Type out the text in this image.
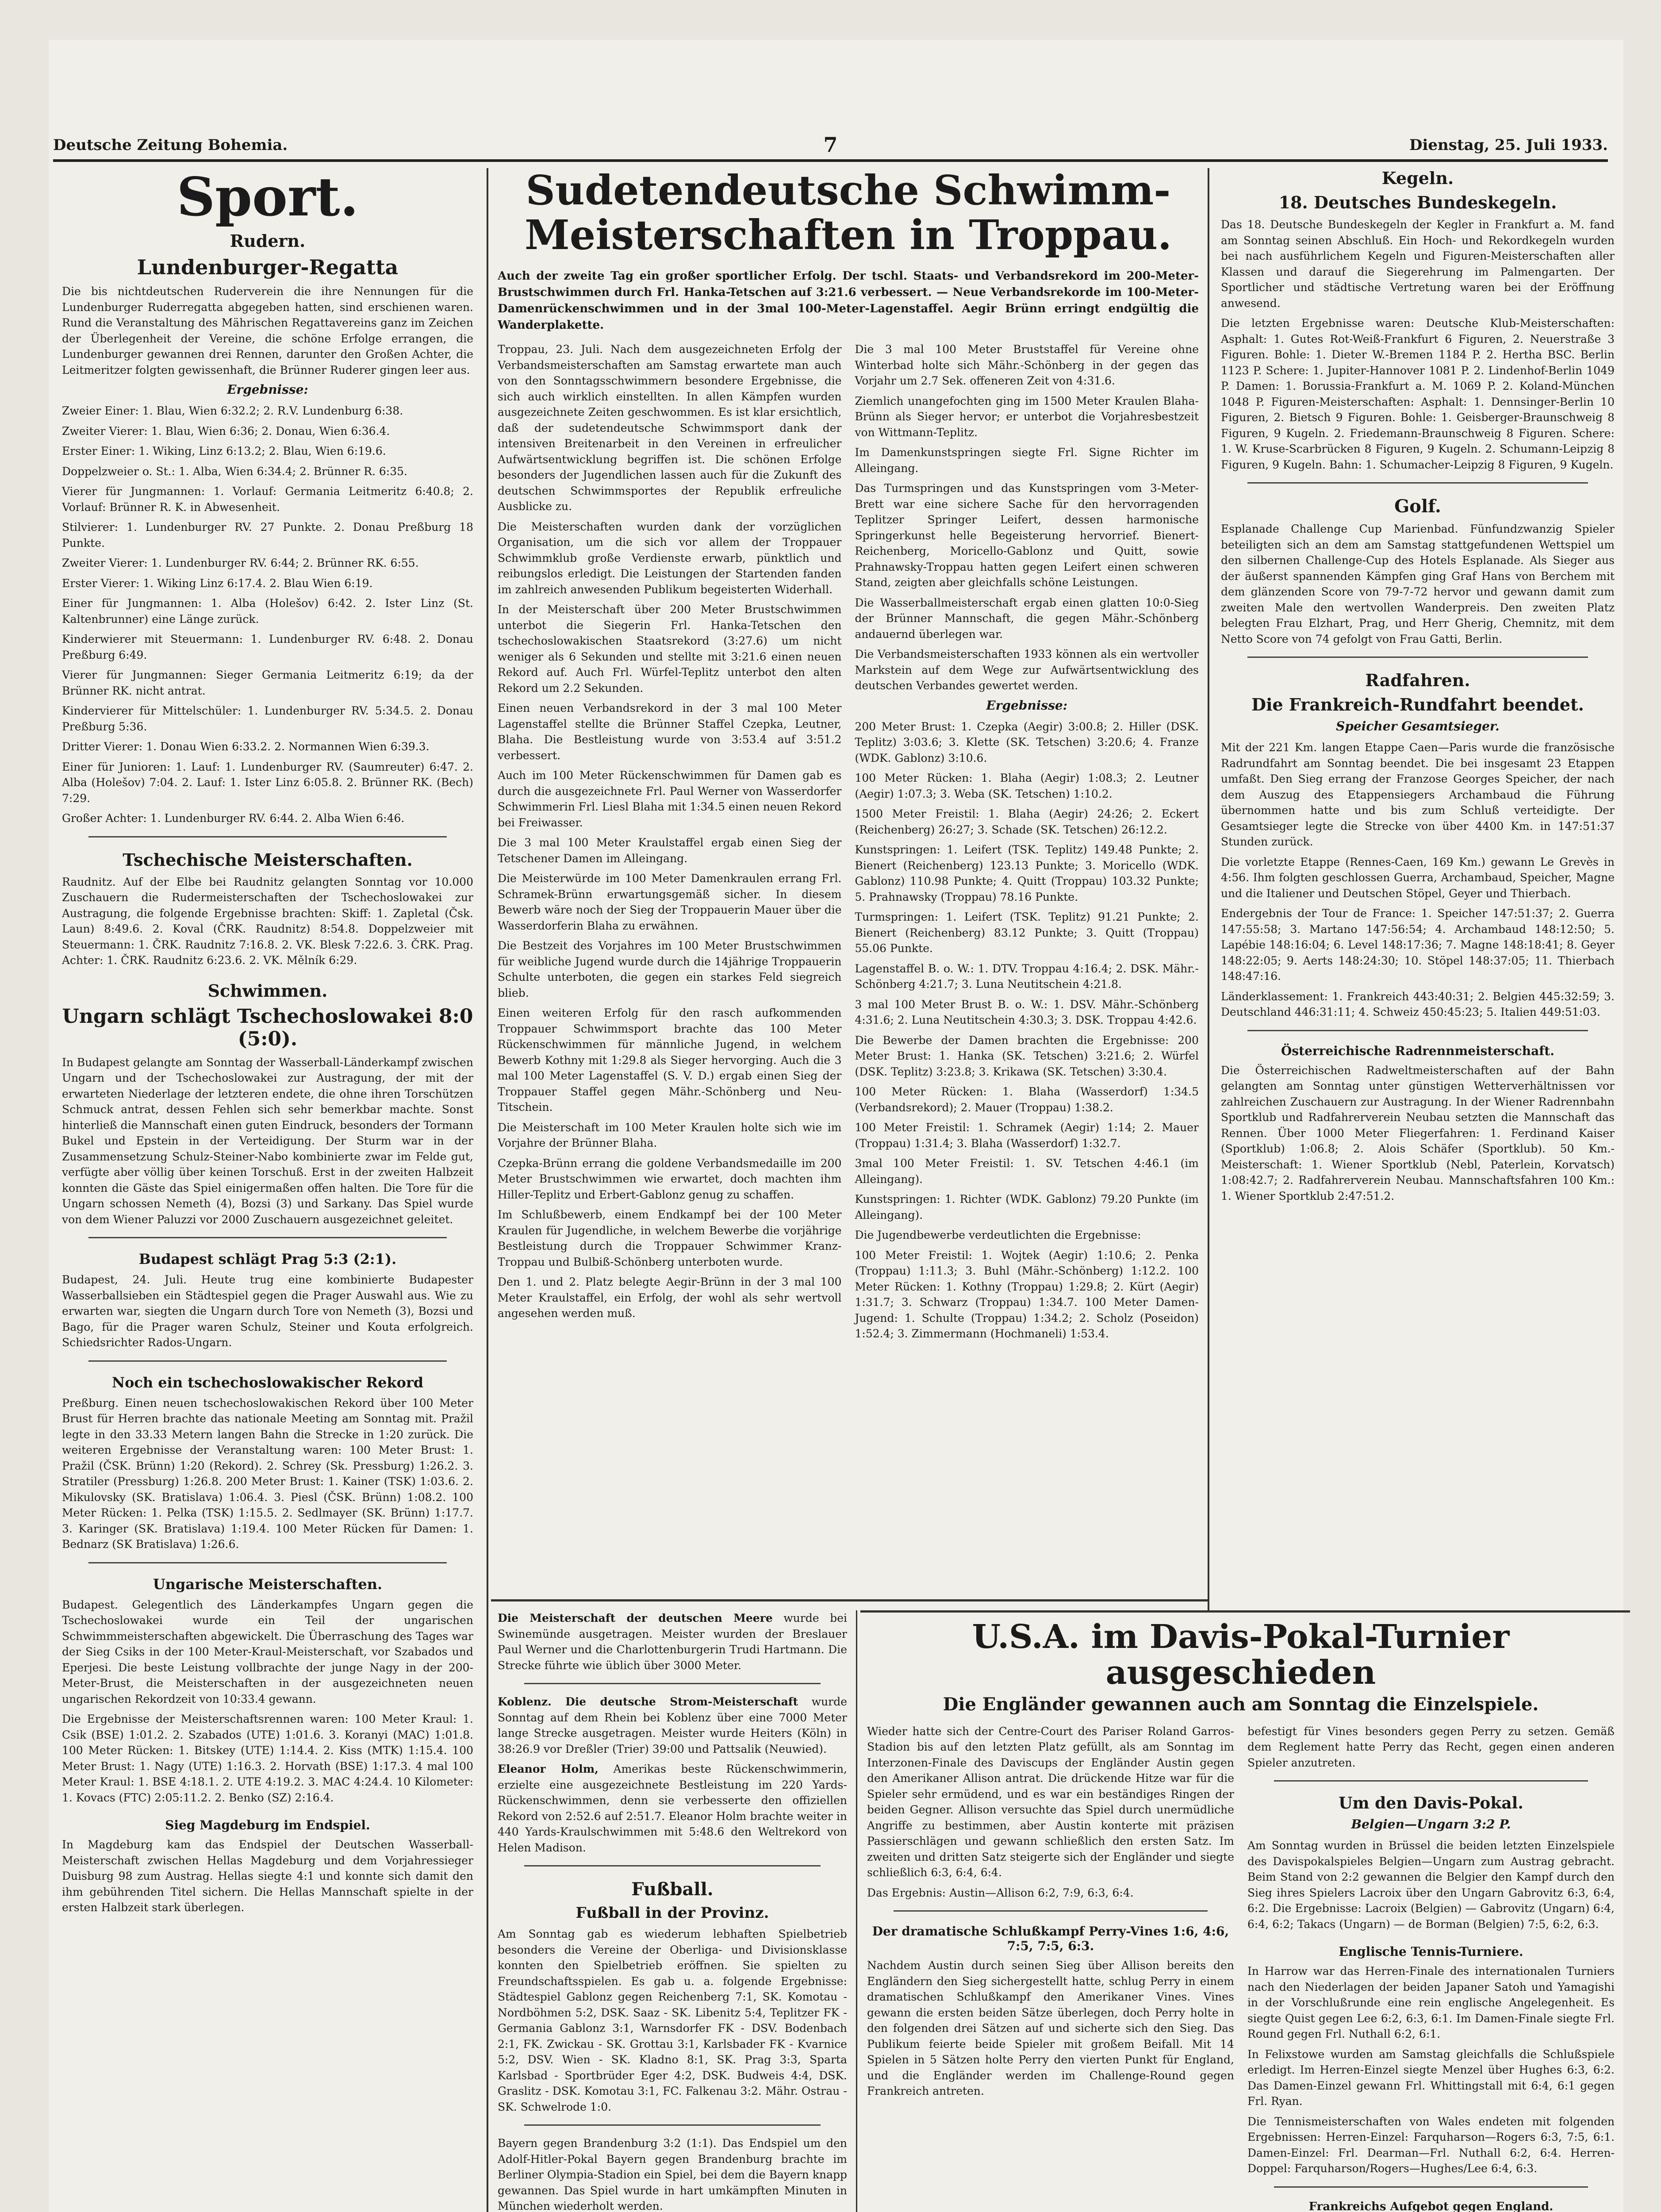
Deutsche Zeitung Bohemia.	7	Dienstag, 25. Juli 1933.
Sport.
Rudern.
Lundenburger-Regatta

Die bis nichtdeutschen Ruderverein die ihre Nennungen für die Lundenburger Ruderregatta abgegeben hatten, sind erschienen waren. Rund die Veranstaltung des Mährischen Regattavereins ganz im Zeichen der Überlegenheit der Vereine, die schöne Erfolge errangen, die Lundenburger gewannen drei Rennen, darunter den Großen Achter, die Leitmeritzer folgten gewissenhaft, die Brünner Ruderer gingen leer aus.

Ergebnisse:

Zweier Einer: 1. Blau, Wien 6:32.2; 2. R.V. Lundenburg 6:38.

Zweiter Vierer: 1. Blau, Wien 6:36; 2. Donau, Wien 6:36.4.

Erster Einer: 1. Wiking, Linz 6:13.2; 2. Blau, Wien 6:19.6.

Doppelzweier o. St.: 1. Alba, Wien 6:34.4; 2. Brünner R. 6:35.

Vierer für Jungmannen: 1. Vorlauf: Germania Leitmeritz 6:40.8; 2. Vorlauf: Brünner R. K. in Abwesenheit.

Stilvierer: 1. Lundenburger RV. 27 Punkte. 2. Donau Preßburg 18 Punkte.

Zweiter Vierer: 1. Lundenburger RV. 6:44; 2. Brünner RK. 6:55.

Erster Vierer: 1. Wiking Linz 6:17.4. 2. Blau Wien 6:19.

Einer für Jungmannen: 1. Alba (Holešov) 6:42. 2. Ister Linz (St. Kaltenbrunner) eine Länge zurück.

Kinderwierer mit Steuermann: 1. Lundenburger RV. 6:48. 2. Donau Preßburg 6:49.

Vierer für Jungmannen: Sieger Germania Leitmeritz 6:19; da der Brünner RK. nicht antrat.

Kindervierer für Mittelschüler: 1. Lundenburger RV. 5:34.5. 2. Donau Preßburg 5:36.

Dritter Vierer: 1. Donau Wien 6:33.2. 2. Normannen Wien 6:39.3.

Einer für Junioren: 1. Lauf: 1. Lundenburger RV. (Saumreuter) 6:47. 2. Alba (Holešov) 7:04. 2. Lauf: 1. Ister Linz 6:05.8. 2. Brünner RK. (Bech) 7:29.

Großer Achter: 1. Lundenburger RV. 6:44. 2. Alba Wien 6:46.

Tschechische Meisterschaften.

Raudnitz. Auf der Elbe bei Raudnitz gelangten Sonntag vor 10.000 Zuschauern die Rudermeisterschaften der Tschechoslowakei zur Austragung, die folgende Ergebnisse brachten: Skiff: 1. Zapletal (Čsk. Laun) 8:49.6. 2. Koval (ČRK. Raudnitz) 8:54.8. Doppelzweier mit Steuermann: 1. ČRK. Raudnitz 7:16.8. 2. VK. Blesk 7:22.6. 3. ČRK. Prag. Achter: 1. ČRK. Raudnitz 6:23.6. 2. VK. Mělník 6:29.

Schwimmen.
Ungarn schlägt Tschechoslowakei 8:0 (5:0).

In Budapest gelangte am Sonntag der Wasserball-Länderkampf zwischen Ungarn und der Tschechoslowakei zur Austragung, der mit der erwarteten Niederlage der letzteren endete, die ohne ihren Torschützen Schmuck antrat, dessen Fehlen sich sehr bemerkbar machte. Sonst hinterließ die Mannschaft einen guten Eindruck, besonders der Tormann Bukel und Epstein in der Verteidigung. Der Sturm war in der Zusammensetzung Schulz-Steiner-Nabo kombinierte zwar im Felde gut, verfügte aber völlig über keinen Torschuß. Erst in der zweiten Halbzeit konnten die Gäste das Spiel einigermaßen offen halten. Die Tore für die Ungarn schossen Nemeth (4), Bozsi (3) und Sarkany. Das Spiel wurde von dem Wiener Paluzzi vor 2000 Zuschauern ausgezeichnet geleitet.

Budapest schlägt Prag 5:3 (2:1).

Budapest, 24. Juli. Heute trug eine kombinierte Budapester Wasserballsieben ein Städtespiel gegen die Prager Auswahl aus. Wie zu erwarten war, siegten die Ungarn durch Tore von Nemeth (3), Bozsi und Bago, für die Prager waren Schulz, Steiner und Kouta erfolgreich. Schiedsrichter Rados-Ungarn.

Noch ein tschechoslowakischer Rekord

Preßburg. Einen neuen tschechoslowakischen Rekord über 100 Meter Brust für Herren brachte das nationale Meeting am Sonntag mit. Pražil legte in den 33.33 Metern langen Bahn die Strecke in 1:20 zurück. Die weiteren Ergebnisse der Veranstaltung waren: 100 Meter Brust: 1. Pražil (ČSK. Brünn) 1:20 (Rekord). 2. Schrey (Sk. Pressburg) 1:26.2. 3. Stratiler (Pressburg) 1:26.8. 200 Meter Brust: 1. Kainer (TSK) 1:03.6. 2. Mikulovsky (SK. Bratislava) 1:06.4. 3. Piesl (ČSK. Brünn) 1:08.2. 100 Meter Rücken: 1. Pelka (TSK) 1:15.5. 2. Sedlmayer (SK. Brünn) 1:17.7. 3. Karinger (SK. Bratislava) 1:19.4. 100 Meter Rücken für Damen: 1. Bednarz (SK Bratislava) 1:26.6.

Ungarische Meisterschaften.

Budapest. Gelegentlich des Länderkampfes Ungarn gegen die Tschechoslowakei wurde ein Teil der ungarischen Schwimmmeisterschaften abgewickelt. Die Überraschung des Tages war der Sieg Csiks in der 100 Meter-Kraul-Meisterschaft, vor Szabados und Eperjesi. Die beste Leistung vollbrachte der junge Nagy in der 200-Meter-Brust, die Meisterschaften in der ausgezeichneten neuen ungarischen Rekordzeit von 10:33.4 gewann.

Die Ergebnisse der Meisterschaftsrennen waren: 100 Meter Kraul: 1. Csik (BSE) 1:01.2. 2. Szabados (UTE) 1:01.6. 3. Koranyi (MAC) 1:01.8. 100 Meter Rücken: 1. Bitskey (UTE) 1:14.4. 2. Kiss (MTK) 1:15.4. 100 Meter Brust: 1. Nagy (UTE) 1:16.3. 2. Horvath (BSE) 1:17.3. 4 mal 100 Meter Kraul: 1. BSE 4:18.1. 2. UTE 4:19.2. 3. MAC 4:24.4. 10 Kilometer: 1. Kovacs (FTC) 2:05:11.2. 2. Benko (SZ) 2:16.4.

Sieg Magdeburg im Endspiel.

In Magdeburg kam das Endspiel der Deutschen Wasserball-Meisterschaft zwischen Hellas Magdeburg und dem Vorjahressieger Duisburg 98 zum Austrag. Hellas siegte 4:1 und konnte sich damit den ihm gebührenden Titel sichern. Die Hellas Mannschaft spielte in der ersten Halbzeit stark überlegen.

Sudetendeutsche Schwimm-
Meisterschaften in Troppau.
Auch der zweite Tag ein großer sportlicher Erfolg. Der tschl. Staats- und Verbandsrekord im 200-Meter-Brustschwimmen durch Frl. Hanka-Tetschen auf 3:21.6 verbessert. — Neue Verbandsrekorde im 100-Meter-Damenrückenschwimmen und in der 3mal 100-Meter-Lagenstaffel. Aegir Brünn erringt endgültig die Wanderplakette.

Troppau, 23. Juli. Nach dem ausgezeichneten Erfolg der Verbandsmeisterschaften am Samstag erwartete man auch von den Sonntagsschwimmern besondere Ergebnisse, die sich auch wirklich einstellten. In allen Kämpfen wurden ausgezeichnete Zeiten geschwommen. Es ist klar ersichtlich, daß der sudetendeutsche Schwimmsport dank der intensiven Breitenarbeit in den Vereinen in erfreulicher Aufwärtsentwicklung begriffen ist. Die schönen Erfolge besonders der Jugendlichen lassen auch für die Zukunft des deutschen Schwimmsportes der Republik erfreuliche Ausblicke zu.

Die Meisterschaften wurden dank der vorzüglichen Organisation, um die sich vor allem der Troppauer Schwimmklub große Verdienste erwarb, pünktlich und reibungslos erledigt. Die Leistungen der Startenden fanden im zahlreich anwesenden Publikum begeisterten Widerhall.

In der Meisterschaft über 200 Meter Brustschwimmen unterbot die Siegerin Frl. Hanka-Tetschen den tschechoslowakischen Staatsrekord (3:27.6) um nicht weniger als 6 Sekunden und stellte mit 3:21.6 einen neuen Rekord auf. Auch Frl. Würfel-Teplitz unterbot den alten Rekord um 2.2 Sekunden.

Einen neuen Verbandsrekord in der 3 mal 100 Meter Lagenstaffel stellte die Brünner Staffel Czepka, Leutner, Blaha. Die Bestleistung wurde von 3:53.4 auf 3:51.2 verbessert.

Auch im 100 Meter Rückenschwimmen für Damen gab es durch die ausgezeichnete Frl. Paul Werner von Wasserdorfer Schwimmerin Frl. Liesl Blaha mit 1:34.5 einen neuen Rekord bei Freiwasser.

Die 3 mal 100 Meter Kraulstaffel ergab einen Sieg der Tetschener Damen im Alleingang.

Die Meisterwürde im 100 Meter Damenkraulen errang Frl. Schramek-Brünn erwartungsgemäß sicher. In diesem Bewerb wäre noch der Sieg der Troppauerin Mauer über die Wasserdorferin Blaha zu erwähnen.

Die Bestzeit des Vorjahres im 100 Meter Brustschwimmen für weibliche Jugend wurde durch die 14jährige Troppauerin Schulte unterboten, die gegen ein starkes Feld siegreich blieb.

Einen weiteren Erfolg für den rasch aufkommenden Troppauer Schwimmsport brachte das 100 Meter Rückenschwimmen für männliche Jugend, in welchem Bewerb Kothny mit 1:29.8 als Sieger hervorging. Auch die 3 mal 100 Meter Lagenstaffel (S. V. D.) ergab einen Sieg der Troppauer Staffel gegen Mähr.-Schönberg und Neu-Titschein.

Die Meisterschaft im 100 Meter Kraulen holte sich wie im Vorjahre der Brünner Blaha.

Czepka-Brünn errang die goldene Verbandsmedaille im 200 Meter Brustschwimmen wie erwartet, doch machten ihm Hiller-Teplitz und Erbert-Gablonz genug zu schaffen.

Im Schlußbewerb, einem Endkampf bei der 100 Meter Kraulen für Jugendliche, in welchem Bewerbe die vorjährige Bestleistung durch die Troppauer Schwimmer Kranz-Troppau und Bulbiß-Schönberg unterboten wurde.

Den 1. und 2. Platz belegte Aegir-Brünn in der 3 mal 100 Meter Kraulstaffel, ein Erfolg, der wohl als sehr wertvoll angesehen werden muß.

Die 3 mal 100 Meter Bruststaffel für Vereine ohne Winterbad holte sich Mähr.-Schönberg in der gegen das Vorjahr um 2.7 Sek. offeneren Zeit von 4:31.6.

Ziemlich unangefochten ging im 1500 Meter Kraulen Blaha-Brünn als Sieger hervor; er unterbot die Vorjahresbestzeit von Wittmann-Teplitz.

Im Damenkunstspringen siegte Frl. Signe Richter im Alleingang.

Das Turmspringen und das Kunstspringen vom 3-Meter-Brett war eine sichere Sache für den hervorragenden Teplitzer Springer Leifert, dessen harmonische Springerkunst helle Begeisterung hervorrief. Bienert-Reichenberg, Moricello-Gablonz und Quitt, sowie Prahnawsky-Troppau hatten gegen Leifert einen schweren Stand, zeigten aber gleichfalls schöne Leistungen.

Die Wasserballmeisterschaft ergab einen glatten 10:0-Sieg der Brünner Mannschaft, die gegen Mähr.-Schönberg andauernd überlegen war.

Die Verbandsmeisterschaften 1933 können als ein wertvoller Markstein auf dem Wege zur Aufwärtsentwicklung des deutschen Verbandes gewertet werden.

Ergebnisse:

200 Meter Brust: 1. Czepka (Aegir) 3:00.8; 2. Hiller (DSK. Teplitz) 3:03.6; 3. Klette (SK. Tetschen) 3:20.6; 4. Franze (WDK. Gablonz) 3:10.6.

100 Meter Rücken: 1. Blaha (Aegir) 1:08.3; 2. Leutner (Aegir) 1:07.3; 3. Weba (SK. Tetschen) 1:10.2.

1500 Meter Freistil: 1. Blaha (Aegir) 24:26; 2. Eckert (Reichenberg) 26:27; 3. Schade (SK. Tetschen) 26:12.2.

Kunstspringen: 1. Leifert (TSK. Teplitz) 149.48 Punkte; 2. Bienert (Reichenberg) 123.13 Punkte; 3. Moricello (WDK. Gablonz) 110.98 Punkte; 4. Quitt (Troppau) 103.32 Punkte; 5. Prahnawsky (Troppau) 78.16 Punkte.

Turmspringen: 1. Leifert (TSK. Teplitz) 91.21 Punkte; 2. Bienert (Reichenberg) 83.12 Punkte; 3. Quitt (Troppau) 55.06 Punkte.

Lagenstaffel B. o. W.: 1. DTV. Troppau 4:16.4; 2. DSK. Mähr.-Schönberg 4:21.7; 3. Luna Neutitschein 4:21.8.

3 mal 100 Meter Brust B. o. W.: 1. DSV. Mähr.-Schönberg 4:31.6; 2. Luna Neutitschein 4:30.3; 3. DSK. Troppau 4:42.6.

Die Bewerbe der Damen brachten die Ergebnisse: 200 Meter Brust: 1. Hanka (SK. Tetschen) 3:21.6; 2. Würfel (DSK. Teplitz) 3:23.8; 3. Krikawa (SK. Tetschen) 3:30.4.

100 Meter Rücken: 1. Blaha (Wasserdorf) 1:34.5 (Verbandsrekord); 2. Mauer (Troppau) 1:38.2.

100 Meter Freistil: 1. Schramek (Aegir) 1:14; 2. Mauer (Troppau) 1:31.4; 3. Blaha (Wasserdorf) 1:32.7.

3mal 100 Meter Freistil: 1. SV. Tetschen 4:46.1 (im Alleingang).

Kunstspringen: 1. Richter (WDK. Gablonz) 79.20 Punkte (im Alleingang).

Die Jugendbewerbe verdeutlichten die Ergebnisse:

100 Meter Freistil: 1. Wojtek (Aegir) 1:10.6; 2. Penka (Troppau) 1:11.3; 3. Buhl (Mähr.-Schönberg) 1:12.2. 100 Meter Rücken: 1. Kothny (Troppau) 1:29.8; 2. Kürt (Aegir) 1:31.7; 3. Schwarz (Troppau) 1:34.7. 100 Meter Damen-Jugend: 1. Schulte (Troppau) 1:34.2; 2. Scholz (Poseidon) 1:52.4; 3. Zimmermann (Hochmaneli) 1:53.4.

Die Meisterschaft der deutschen Meere wurde bei Swinemünde ausgetragen. Meister wurden der Breslauer Paul Werner und die Charlottenburgerin Trudi Hartmann. Die Strecke führte wie üblich über 3000 Meter.

Koblenz. Die deutsche Strom-Meisterschaft wurde Sonntag auf dem Rhein bei Koblenz über eine 7000 Meter lange Strecke ausgetragen. Meister wurde Heiters (Köln) in 38:26.9 vor Dreßler (Trier) 39:00 und Pattsalik (Neuwied).

Eleanor Holm, Amerikas beste Rückenschwimmerin, erzielte eine ausgezeichnete Bestleistung im 220 Yards-Rückenschwimmen, denn sie verbesserte den offiziellen Rekord von 2:52.6 auf 2:51.7. Eleanor Holm brachte weiter in 440 Yards-Kraulschwimmen mit 5:48.6 den Weltrekord von Helen Madison.

Fußball.
Fußball in der Provinz.

Am Sonntag gab es wiederum lebhaften Spielbetrieb besonders die Vereine der Oberliga- und Divisionsklasse konnten den Spielbetrieb eröffnen. Sie spielten zu Freundschaftsspielen. Es gab u. a. folgende Ergebnisse: Städtespiel Gablonz gegen Reichenberg 7:1, SK. Komotau - Nordböhmen 5:2, DSK. Saaz - SK. Libenitz 5:4, Teplitzer FK - Germania Gablonz 3:1, Warnsdorfer FK - DSV. Bodenbach 2:1, FK. Zwickau - SK. Grottau 3:1, Karlsbader FK - Kvarnice 5:2, DSV. Wien - SK. Kladno 8:1, SK. Prag 3:3, Sparta Karlsbad - Sportbrüder Eger 4:2, DSK. Budweis 4:4, DSK. Graslitz - DSK. Komotau 3:1, FC. Falkenau 3:2. Mähr. Ostrau - SK. Schwelrode 1:0.

Bayern gegen Brandenburg 3:2 (1:1). Das Endspiel um den Adolf-Hitler-Pokal Bayern gegen Brandenburg brachte im Berliner Olympia-Stadion ein Spiel, bei dem die Bayern knapp gewannen. Das Spiel wurde in hart umkämpften Minuten in München wiederholt werden.

Kegeln.
18. Deutsches Bundeskegeln.

Das 18. Deutsche Bundeskegeln der Kegler in Frankfurt a. M. fand am Sonntag seinen Abschluß. Ein Hoch- und Rekordkegeln wurden bei nach ausführlichem Kegeln und Figuren-Meisterschaften aller Klassen und darauf die Siegerehrung im Palmengarten. Der Sportlicher und städtische Vertretung waren bei der Eröffnung anwesend.

Die letzten Ergebnisse waren: Deutsche Klub-Meisterschaften: Asphalt: 1. Gutes Rot-Weiß-Frankfurt 6 Figuren, 2. Neuerstraße 3 Figuren. Bohle: 1. Dieter W.-Bremen 1184 P. 2. Hertha BSC. Berlin 1123 P. Schere: 1. Jupiter-Hannover 1081 P. 2. Lindenhof-Berlin 1049 P. Damen: 1. Borussia-Frankfurt a. M. 1069 P. 2. Koland-München 1048 P. Figuren-Meisterschaften: Asphalt: 1. Dennsinger-Berlin 10 Figuren, 2. Bietsch 9 Figuren. Bohle: 1. Geisberger-Braunschweig 8 Figuren, 9 Kugeln. 2. Friedemann-Braunschweig 8 Figuren. Schere: 1. W. Kruse-Scarbrücken 8 Figuren, 9 Kugeln. 2. Schumann-Leipzig 8 Figuren, 9 Kugeln. Bahn: 1. Schumacher-Leipzig 8 Figuren, 9 Kugeln.

Golf.

Esplanade Challenge Cup Marienbad. Fünfundzwanzig Spieler beteiligten sich an dem am Samstag stattgefundenen Wettspiel um den silbernen Challenge-Cup des Hotels Esplanade. Als Sieger aus der äußerst spannenden Kämpfen ging Graf Hans von Berchem mit dem glänzenden Score von 79-7-72 hervor und gewann damit zum zweiten Male den wertvollen Wanderpreis. Den zweiten Platz belegten Frau Elzhart, Prag, und Herr Gherig, Chemnitz, mit dem Netto Score von 74 gefolgt von Frau Gatti, Berlin.

Radfahren.
Die Frankreich-Rundfahrt beendet.
Speicher Gesamtsieger.

Mit der 221 Km. langen Etappe Caen—Paris wurde die französische Radrundfahrt am Sonntag beendet. Die bei insgesamt 23 Etappen umfaßt. Den Sieg errang der Franzose Georges Speicher, der nach dem Auszug des Etappensiegers Archambaud die Führung übernommen hatte und bis zum Schluß verteidigte. Der Gesamtsieger legte die Strecke von über 4400 Km. in 147:51:37 Stunden zurück.

Die vorletzte Etappe (Rennes-Caen, 169 Km.) gewann Le Grevès in 4:56. Ihm folgten geschlossen Guerra, Archambaud, Speicher, Magne und die Italiener und Deutschen Stöpel, Geyer und Thierbach.

Endergebnis der Tour de France: 1. Speicher 147:51:37; 2. Guerra 147:55:58; 3. Martano 147:56:54; 4. Archambaud 148:12:50; 5. Lapébie 148:16:04; 6. Level 148:17:36; 7. Magne 148:18:41; 8. Geyer 148:22:05; 9. Aerts 148:24:30; 10. Stöpel 148:37:05; 11. Thierbach 148:47:16.

Länderklassement: 1. Frankreich 443:40:31; 2. Belgien 445:32:59; 3. Deutschland 446:31:11; 4. Schweiz 450:45:23; 5. Italien 449:51:03.

Österreichische Radrennmeisterschaft.

Die Österreichischen Radweltmeisterschaften auf der Bahn gelangten am Sonntag unter günstigen Wetterverhältnissen vor zahlreichen Zuschauern zur Austragung. In der Wiener Radrennbahn Sportklub und Radfahrerverein Neubau setzten die Mannschaft das Rennen. Über 1000 Meter Fliegerfahren: 1. Ferdinand Kaiser (Sportklub) 1:06.8; 2. Alois Schäfer (Sportklub). 50 Km.-Meisterschaft: 1. Wiener Sportklub (Nebl, Paterlein, Korvatsch) 1:08:42.7; 2. Radfahrerverein Neubau. Mannschaftsfahren 100 Km.: 1. Wiener Sportklub 2:47:51.2.

U.S.A. im Davis-Pokal-Turnier ausgeschieden
Die Engländer gewannen auch am Sonntag die Einzelspiele.

Wieder hatte sich der Centre-Court des Pariser Roland Garros-Stadion bis auf den letzten Platz gefüllt, als am Sonntag im Interzonen-Finale des Daviscups der Engländer Austin gegen den Amerikaner Allison antrat. Die drückende Hitze war für die Spieler sehr ermüdend, und es war ein beständiges Ringen der beiden Gegner. Allison versuchte das Spiel durch unermüdliche Angriffe zu bestimmen, aber Austin konterte mit präzisen Passierschlägen und gewann schließlich den ersten Satz. Im zweiten und dritten Satz steigerte sich der Engländer und siegte schließlich 6:3, 6:4, 6:4.

Das Ergebnis: Austin—Allison 6:2, 7:9, 6:3, 6:4.

Der dramatische Schlußkampf Perry-Vines 1:6, 4:6, 7:5, 7:5, 6:3.

Nachdem Austin durch seinen Sieg über Allison bereits den Engländern den Sieg sichergestellt hatte, schlug Perry in einem dramatischen Schlußkampf den Amerikaner Vines. Vines gewann die ersten beiden Sätze überlegen, doch Perry holte in den folgenden drei Sätzen auf und sicherte sich den Sieg. Das Publikum feierte beide Spieler mit großem Beifall. Mit 14 Spielen in 5 Sätzen holte Perry den vierten Punkt für England, und die Engländer werden im Challenge-Round gegen Frankreich antreten.

befestigt für Vines besonders gegen Perry zu setzen. Gemäß dem Reglement hatte Perry das Recht, gegen einen anderen Spieler anzutreten.

Um den Davis-Pokal.
Belgien—Ungarn 3:2 P.

Am Sonntag wurden in Brüssel die beiden letzten Einzelspiele des Davispokalspieles Belgien—Ungarn zum Austrag gebracht. Beim Stand von 2:2 gewannen die Belgier den Kampf durch den Sieg ihres Spielers Lacroix über den Ungarn Gabrovitz 6:3, 6:4, 6:2. Die Ergebnisse: Lacroix (Belgien) — Gabrovitz (Ungarn) 6:4, 6:4, 6:2; Takacs (Ungarn) — de Borman (Belgien) 7:5, 6:2, 6:3.

Englische Tennis-Turniere.

In Harrow war das Herren-Finale des internationalen Turniers nach den Niederlagen der beiden Japaner Satoh und Yamagishi in der Vorschlußrunde eine rein englische Angelegenheit. Es siegte Quist gegen Lee 6:2, 6:3, 6:1. Im Damen-Finale siegte Frl. Round gegen Frl. Nuthall 6:2, 6:1.

In Felixstowe wurden am Samstag gleichfalls die Schlußspiele erledigt. Im Herren-Einzel siegte Menzel über Hughes 6:3, 6:2. Das Damen-Einzel gewann Frl. Whittingstall mit 6:4, 6:1 gegen Frl. Ryan.

Die Tennismeisterschaften von Wales endeten mit folgenden Ergebnissen: Herren-Einzel: Farquharson—Rogers 6:3, 7:5, 6:1. Damen-Einzel: Frl. Dearman—Frl. Nuthall 6:2, 6:4. Herren-Doppel: Farquharson/Rogers—Hughes/Lee 6:4, 6:3.

Frankreichs Aufgebot gegen England.
